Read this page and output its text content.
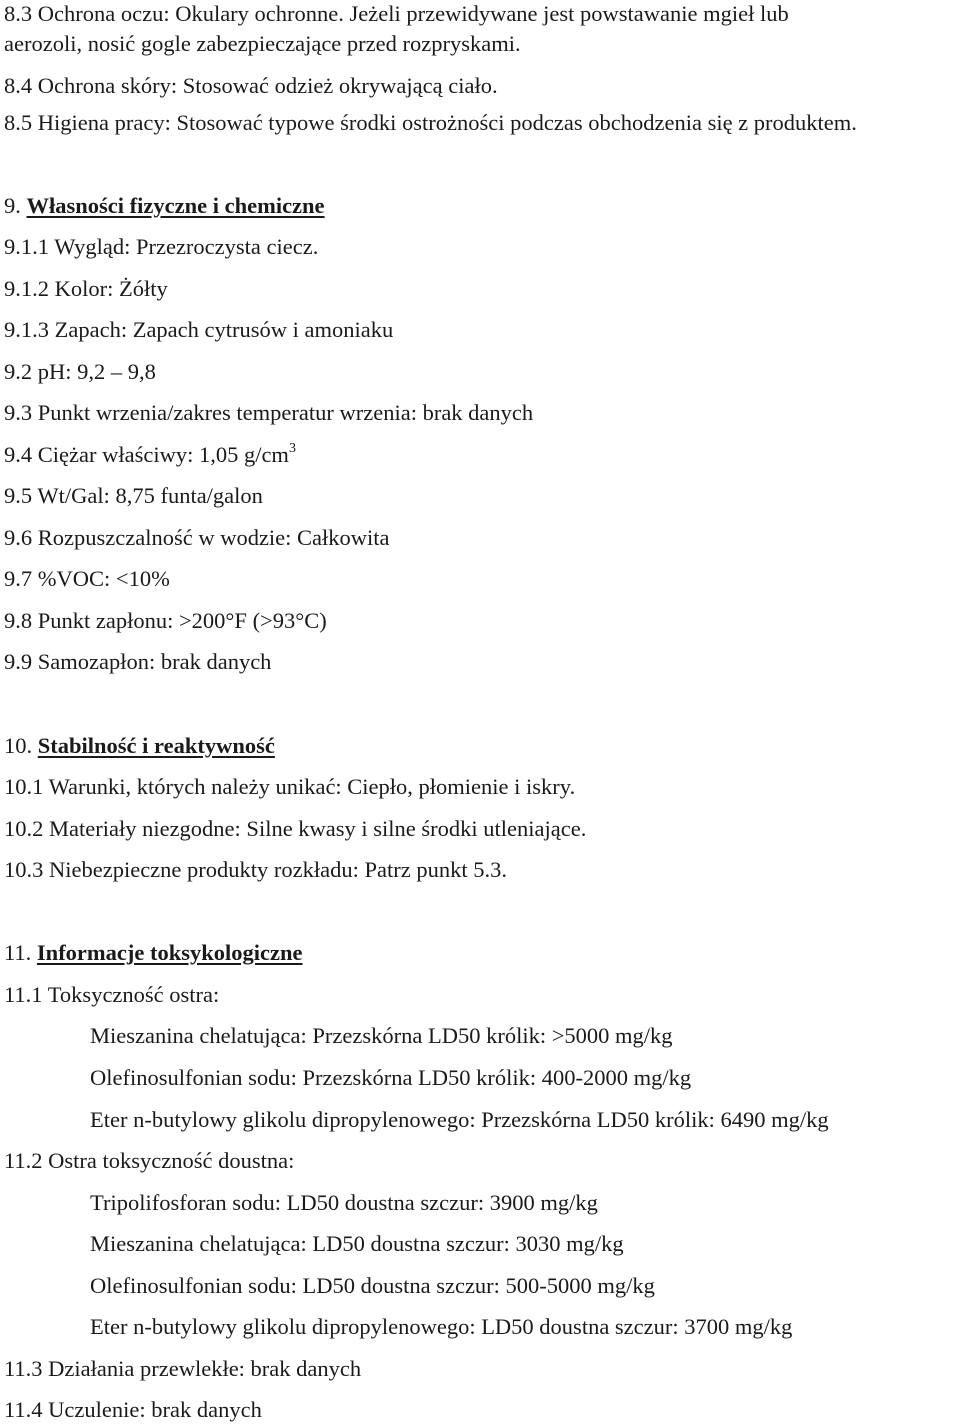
8.3 Ochrona oczu: Okulary ochronne. Jeżeli przewidywane jest powstawanie mgieł lub
aerozoli, nosić gogle zabezpieczające przed rozpryskami.
8.4 Ochrona skóry: Stosować odzież okrywającą ciało.
8.5 Higiena pracy: Stosować typowe środki ostrożności podczas obchodzenia się z produktem.
9. Własności fizyczne i chemiczne
9.1.1 Wygląd: Przezroczysta ciecz.
9.1.2 Kolor: Żółty
9.1.3 Zapach: Zapach cytrusów i amoniaku
9.2 pH: 9,2 – 9,8
9.3 Punkt wrzenia/zakres temperatur wrzenia: brak danych
9.4 Ciężar właściwy: 1,05 $g/cm^3$
9.5 Wt/Gal: 8,75 funta/galon
9.6 Rozpuszczalność w wodzie: Całkowita
9.7 %VOC: <10%
9.8 Punkt zapłonu: >200°F (>93°C)
9.9 Samozapłon: brak danych
10. Stabilność i reaktywność
10.1 Warunki, których należy unikać: Ciepło, płomienie i iskry.
10.2 Materiały niezgodne: Silne kwasy i silne środki utleniające.
10.3 Niebezpieczne produkty rozkładu: Patrz punkt 5.3.
11. Informacje toksykologiczne
11.1 Toksyczność ostra:
Mieszanina chelatująca: Przezskórna LD50 królik: >5000 mg/kg
Olefinosulfonian sodu: Przezskórna LD50 królik: 400-2000 mg/kg
Eter n-butylowy glikolu dipropylenowego: Przezskórna LD50 królik: 6490 mg/kg
11.2 Ostra toksyczność doustna:
Tripolifosforan sodu: LD50 doustna szczur: 3900 mg/kg
Mieszanina chelatująca: LD50 doustna szczur: 3030 mg/kg
Olefinosulfonian sodu: LD50 doustna szczur: 500-5000 mg/kg
Eter n-butylowy glikolu dipropylenowego: LD50 doustna szczur: 3700 mg/kg
11.3 Działania przewlekłe: brak danych
11.4 Uczulenie: brak danych
